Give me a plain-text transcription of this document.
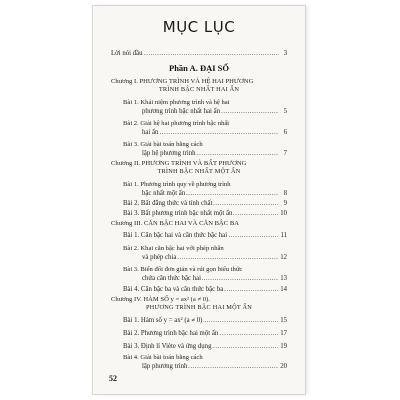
MỤC LỤC
.....
Lời nói đầu	3
Phần A. ĐẠI SỐ
Chương I. PHƯƠNG TRÌNH VÀ HỆ HAI PHƯƠNG
TRÌNH BẬC NHẤT HAI ẨN
Bài 1. Khái niệm phương trình và hệ hai
.....
phương trình bậc nhất hai ẩn	5
Bài 2. Giải hệ hai phương trình bậc nhất
.....
hai ẩn	6
Bài 3. Giải bài toán bằng cách
.....
lập hệ phương trình	7
Chương II. PHƯƠNG TRÌNH VÀ BẤT PHƯƠNG
TRÌNH BẬC NHẤT MỘT ẨN
Bài 1. Phương trình quy về phương trình
.....
bậc nhất một ẩn	8
.....
Bài 2. Bất đẳng thức và tính chất	9
.....
Bài 3. Bất phương trình bậc nhất một ẩn	10
Chương III. CĂN BẬC HAI VÀ CĂN BẬC BA
.....
Bài 1. Căn bậc hai và căn thức bậc hai	11
Bài 2. Khai căn bậc hai với phép nhân
.....
và phép chia	12
Bài 3. Biến đổi đơn giản và rút gọn biểu thức
.....
chứa căn thức bậc hai	13
.....
Bài 4. Căn bậc ba và căn thức bậc ba	14
Chương IV. HÀM SỐ y = ax² (a ≠ 0).
PHƯƠNG TRÌNH BẬC HAI MỘT ẨN
.....
Bài 1. Hàm số y = ax² (a ≠ 0)	15
.....
Bài 2. Phương trình bậc hai một ẩn	17
.....
Bài 3. Định lí Viète và ứng dụng	19
Bài 4. Giải bài toán bằng cách
.....
lập phương trình	20
52
